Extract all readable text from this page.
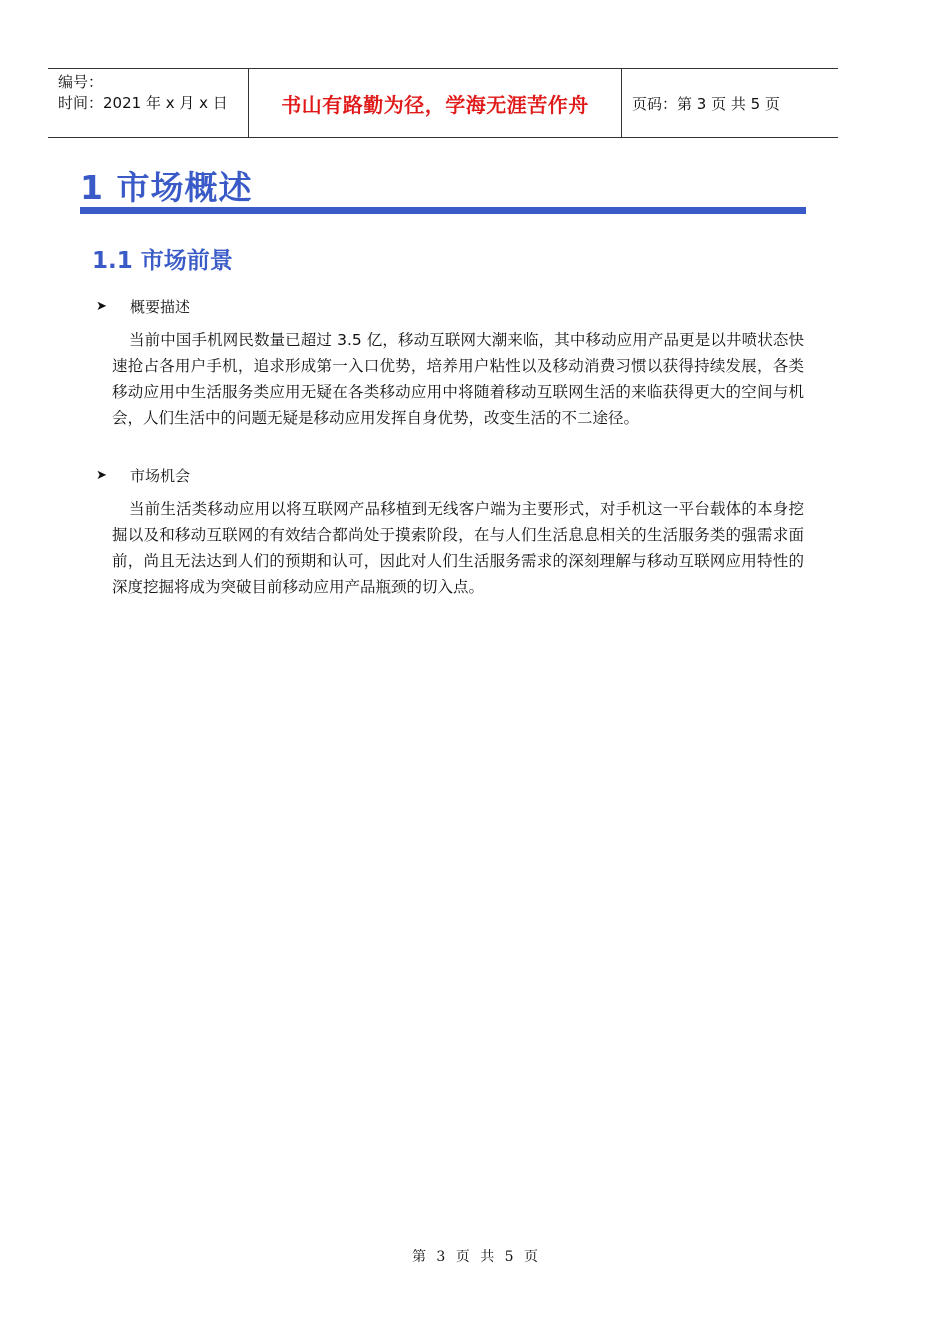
编号：
时间：2021 年 x 月 x 日	书山有路勤为径，学海无涯苦作舟	页码：第 3 页 共 5 页
1 市场概述
1.1 市场前景
➤ 概要描述
当前中国手机网民数量已超过 3.5 亿，移动互联网大潮来临，其中移动应用产品更是以井喷状态快速抢占各用户手机，追求形成第一入口优势，培养用户粘性以及移动消费习惯以获得持续发展，各类移动应用中生活服务类应用无疑在各类移动应用中将随着移动互联网生活的来临获得更大的空间与机会，人们生活中的问题无疑是移动应用发挥自身优势，改变生活的不二途径。
➤ 市场机会
当前生活类移动应用以将互联网产品移植到无线客户端为主要形式，对手机这一平台载体的本身挖掘以及和移动互联网的有效结合都尚处于摸索阶段，在与人们生活息息相关的生活服务类的强需求面前，尚且无法达到人们的预期和认可，因此对人们生活服务需求的深刻理解与移动互联网应用特性的深度挖掘将成为突破目前移动应用产品瓶颈的切入点。
第 3 页 共 5 页
